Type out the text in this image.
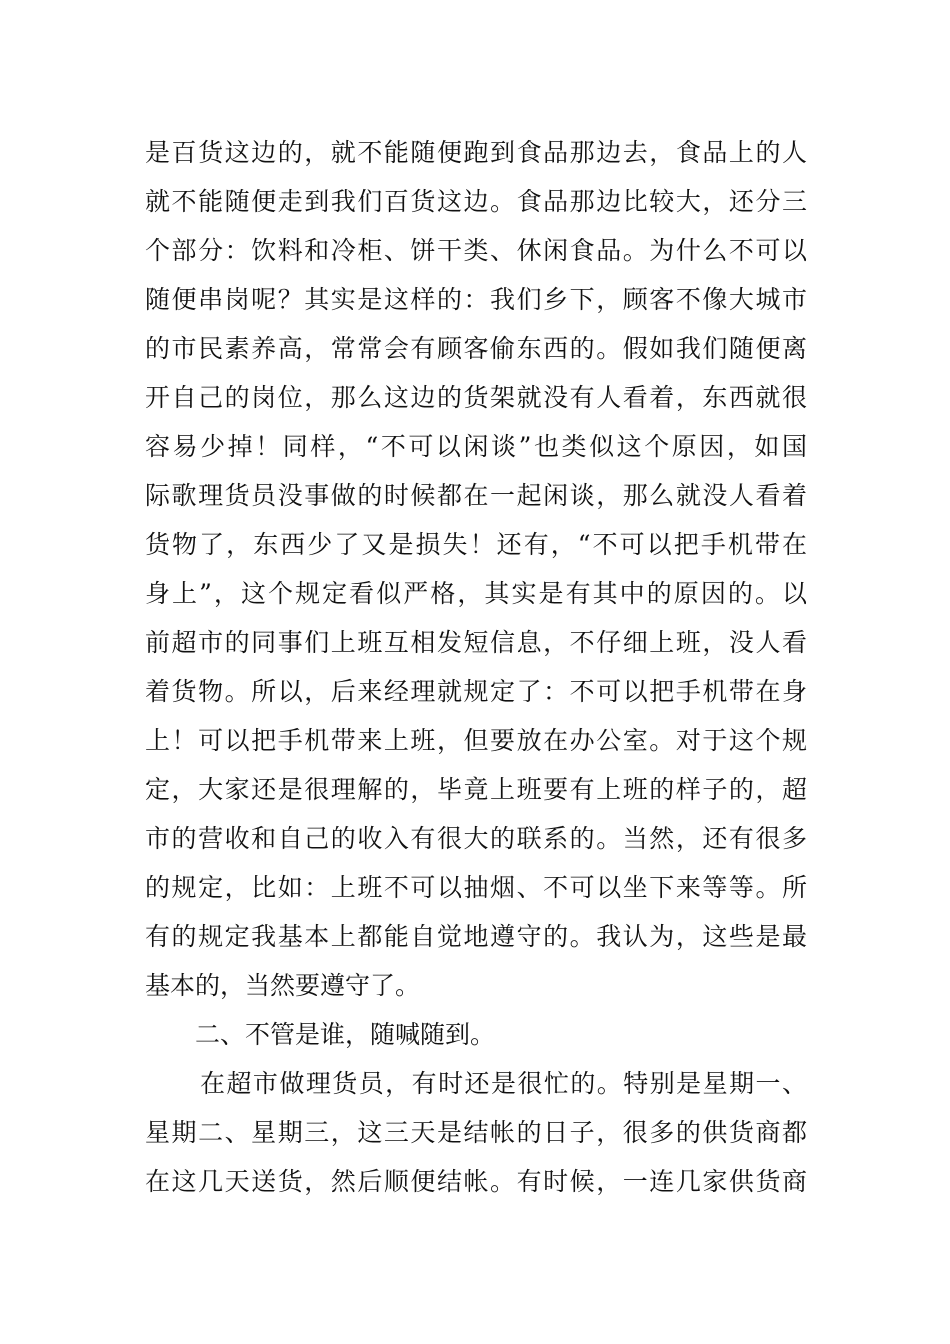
是百货这边的，就不能随便跑到食品那边去，食品上的人
就不能随便走到我们百货这边。食品那边比较大，还分三
个部分：饮料和冷柜、饼干类、休闲食品。为什么不可以
随便串岗呢？其实是这样的：我们乡下，顾客不像大城市
的市民素养高，常常会有顾客偷东西的。假如我们随便离
开自己的岗位，那么这边的货架就没有人看着，东西就很
容易少掉！同样，“不可以闲谈”也类似这个原因，如国
际歌理货员没事做的时候都在一起闲谈，那么就没人看着
货物了，东西少了又是损失！还有，“不可以把手机带在
身上”，这个规定看似严格，其实是有其中的原因的。以
前超市的同事们上班互相发短信息，不仔细上班，没人看
着货物。所以，后来经理就规定了：不可以把手机带在身
上！可以把手机带来上班，但要放在办公室。对于这个规
定，大家还是很理解的，毕竟上班要有上班的样子的，超
市的营收和自己的收入有很大的联系的。当然，还有很多
的规定，比如：上班不可以抽烟、不可以坐下来等等。所
有的规定我基本上都能自觉地遵守的。我认为，这些是最
基本的，当然要遵守了。
二、不管是谁，随喊随到。
在超市做理货员，有时还是很忙的。特别是星期一、
星期二、星期三，这三天是结帐的日子，很多的供货商都
在这几天送货，然后顺便结帐。有时候，一连几家供货商
